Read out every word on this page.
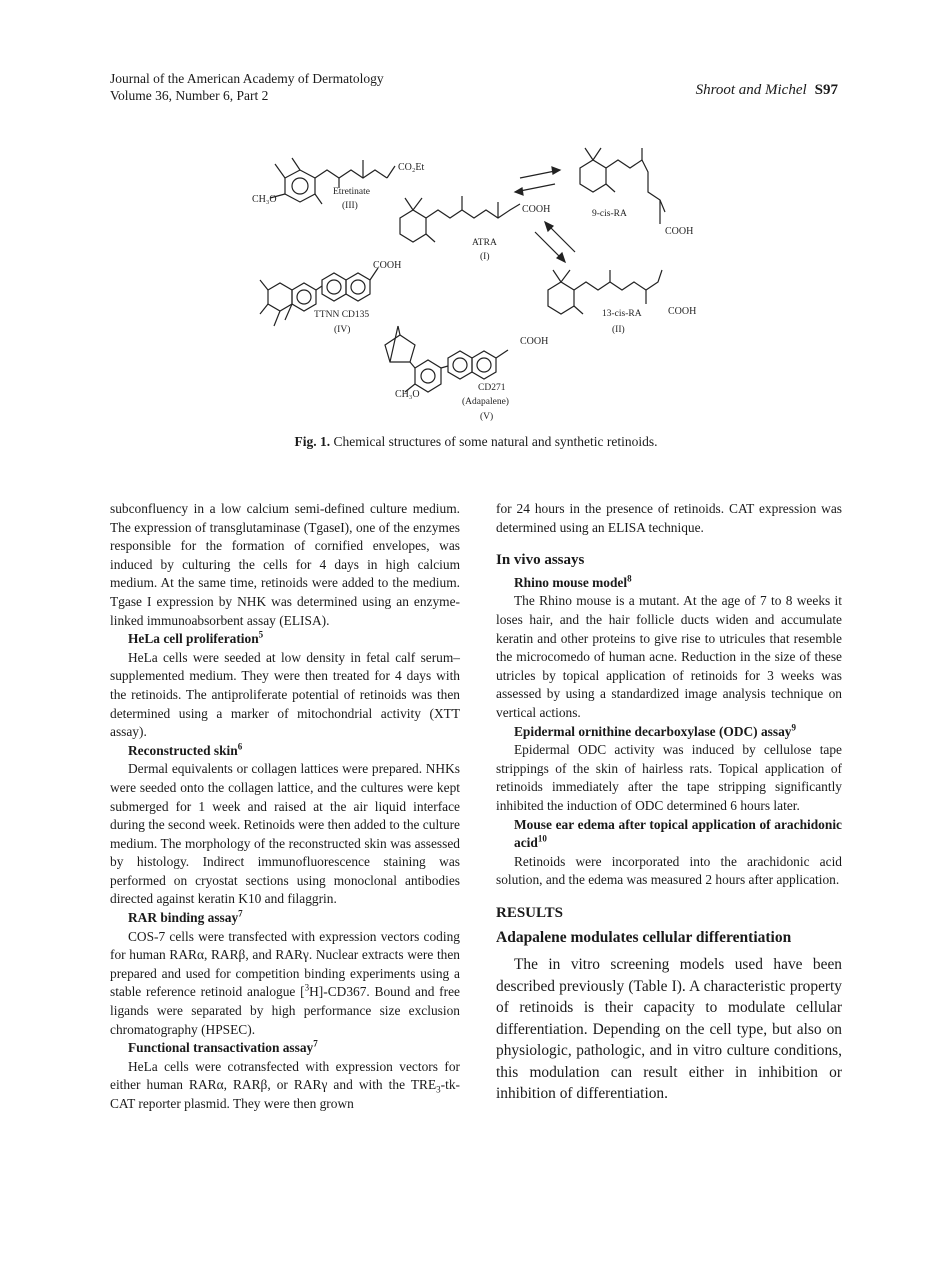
Journal of the American Academy of Dermatology
Volume 36, Number 6, Part 2	Shroot and Michel S97
CO₂Et
CH₃O
Etretinate
(III)	COOH
ATRA
(I)
9-cis-RA
COOH
COOH
TTNN CD135
(IV)
13-cis-RA
(II)
COOH
COOH
CH₃O
CD271
(Adapalene)
(V)
Fig. 1. Chemical structures of some natural and synthetic retinoids.

subconfluency in a low calcium semi-defined culture medium. The expression of transglutaminase (TgaseI), one of the enzymes responsible for the formation of cornified envelopes, was induced by culturing the cells for 4 days in high calcium medium. At the same time, retinoids were added to the medium. Tgase I expression by NHK was determined using an enzyme-linked immunoabsorbent assay (ELISA).

HeLa cell proliferation$^5$

HeLa cells were seeded at low density in fetal calf serum–supplemented medium. They were then treated for 4 days with the retinoids. The antiproliferate potential of retinoids was then determined using a marker of mitochondrial activity (XTT assay).

Reconstructed skin$^6$

Dermal equivalents or collagen lattices were prepared. NHKs were seeded onto the collagen lattice, and the cultures were kept submerged for 1 week and raised at the air liquid interface during the second week. Retinoids were then added to the culture medium. The morphology of the reconstructed skin was assessed by histology. Indirect immunofluorescence staining was performed on cryostat sections using monoclonal antibodies directed against keratin K10 and filaggrin.

RAR binding assay$^7$

COS-7 cells were transfected with expression vectors coding for human RARα, RARβ, and RARγ. Nuclear extracts were then prepared and used for competition binding experiments using a stable reference retinoid analogue [$^3$H]-CD367. Bound and free ligands were separated by high performance size exclusion chromatography (HPSEC).

Functional transactivation assay$^7$

HeLa cells were cotransfected with expression vectors for either human RARα, RARβ, or RARγ and with the $TRE_3-tk$-CAT reporter plasmid. They were then grown

for 24 hours in the presence of retinoids. CAT expression was determined using an ELISA technique.

In vivo assays
Rhino mouse model$^8$

The Rhino mouse is a mutant. At the age of 7 to 8 weeks it loses hair, and the hair follicle ducts widen and accumulate keratin and other proteins to give rise to utricules that resemble the microcomedo of human acne. Reduction in the size of these utricles by topical application of retinoids for 3 weeks was assessed by using a standardized image analysis technique on vertical actions.

Epidermal ornithine decarboxylase (ODC) assay$^9$

Epidermal ODC activity was induced by cellulose tape strippings of the skin of hairless rats. Topical application of retinoids immediately after the tape stripping significantly inhibited the induction of ODC determined 6 hours later.

Mouse ear edema after topical application of arachidonic acid$^{10}$

Retinoids were incorporated into the arachidonic acid solution, and the edema was measured 2 hours after application.

RESULTS
Adapalene modulates cellular differentiation

The in vitro screening models used have been described previously (Table I). A characteristic property of retinoids is their capacity to modulate cellular differentiation. Depending on the cell type, but also on physiologic, pathologic, and in vitro culture conditions, this modulation can result either in inhibition or inhibition of differentiation.
